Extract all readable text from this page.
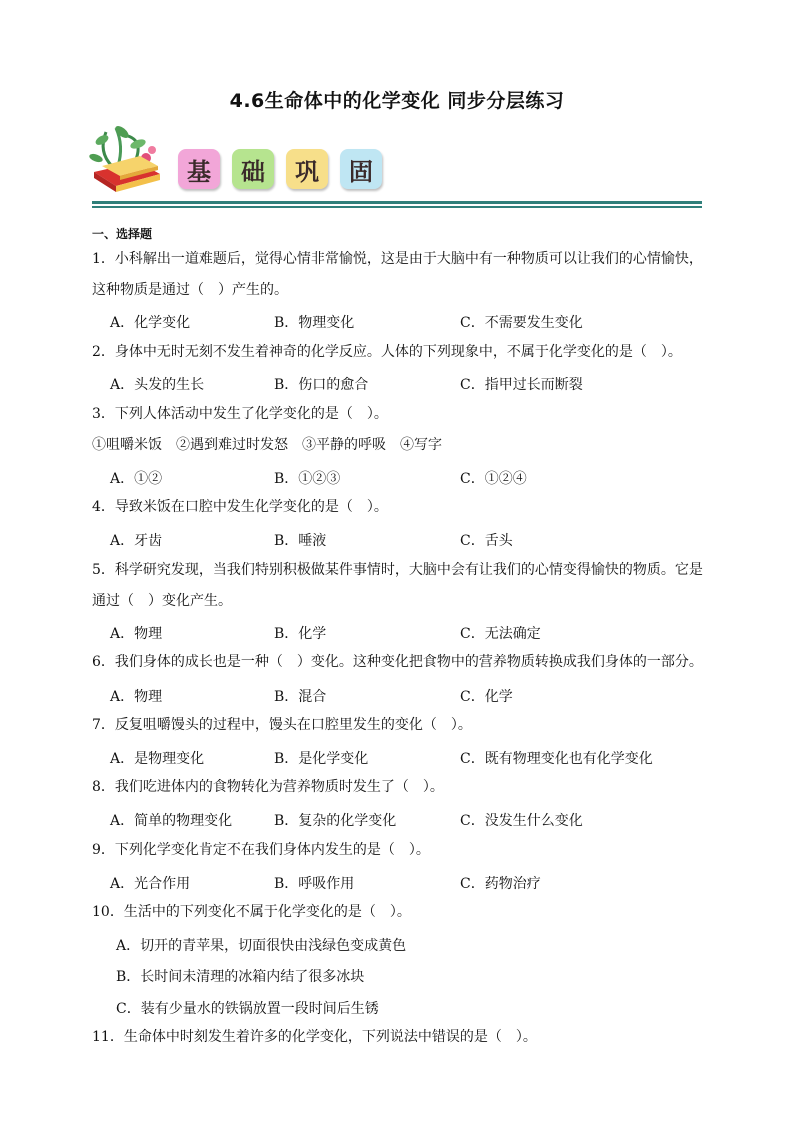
4.6生命体中的化学变化 同步分层练习
基	础	巩	固
一、选择题
1．小科解出一道难题后，觉得心情非常愉悦，这是由于大脑中有一种物质可以让我们的心情愉快，这种物质是通过（　）产生的。
A．化学变化	B．物理变化	C．不需要发生变化
2．身体中无时无刻不发生着神奇的化学反应。人体的下列现象中，不属于化学变化的是（　）。
A．头发的生长	B．伤口的愈合	C．指甲过长而断裂
3．下列人体活动中发生了化学变化的是（　）。
①咀嚼米饭　②遇到难过时发怒　③平静的呼吸　④写字
A．①②	B．①②③	C．①②④
4．导致米饭在口腔中发生化学变化的是（　）。
A．牙齿	B．唾液	C．舌头
5．科学研究发现，当我们特别积极做某件事情时，大脑中会有让我们的心情变得愉快的物质。它是通过（　）变化产生。
A．物理	B．化学	C．无法确定
6．我们身体的成长也是一种（　）变化。这种变化把食物中的营养物质转换成我们身体的一部分。
A．物理	B．混合	C．化学
7．反复咀嚼馒头的过程中，馒头在口腔里发生的变化（　）。
A．是物理变化	B．是化学变化	C．既有物理变化也有化学变化
8．我们吃进体内的食物转化为营养物质时发生了（　）。
A．简单的物理变化	B．复杂的化学变化	C．没发生什么变化
9．下列化学变化肯定不在我们身体内发生的是（　）。
A．光合作用	B．呼吸作用	C．药物治疗
10．生活中的下列变化不属于化学变化的是（　）。
A．切开的青苹果，切面很快由浅绿色变成黄色
B．长时间未清理的冰箱内结了很多冰块
C．装有少量水的铁锅放置一段时间后生锈
11．生命体中时刻发生着许多的化学变化，下列说法中错误的是（　）。
